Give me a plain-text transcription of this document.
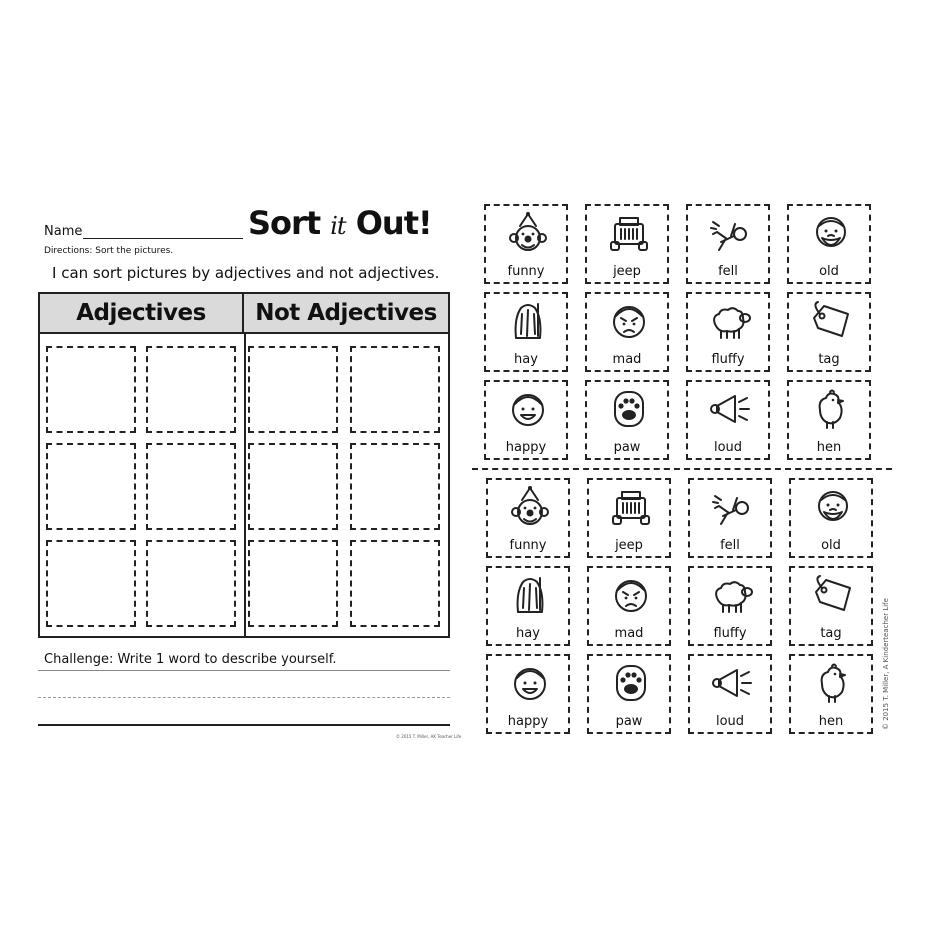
Name	Sort it Out!
Directions: Sort the pictures.
I can sort pictures by adjectives and not adjectives.
Adjectives	Not Adjectives
Challenge: Write 1 word to describe yourself.
© 2015 T. Miller, AK Teacher Life
funny	jeep	fell	old
hay	mad	fluffy	tag
happy	paw	loud	hen
funny	jeep	fell	old
hay	mad	fluffy	tag
happy	paw	loud	hen	© 2015 T. Miller, A Kinderteacher Life
